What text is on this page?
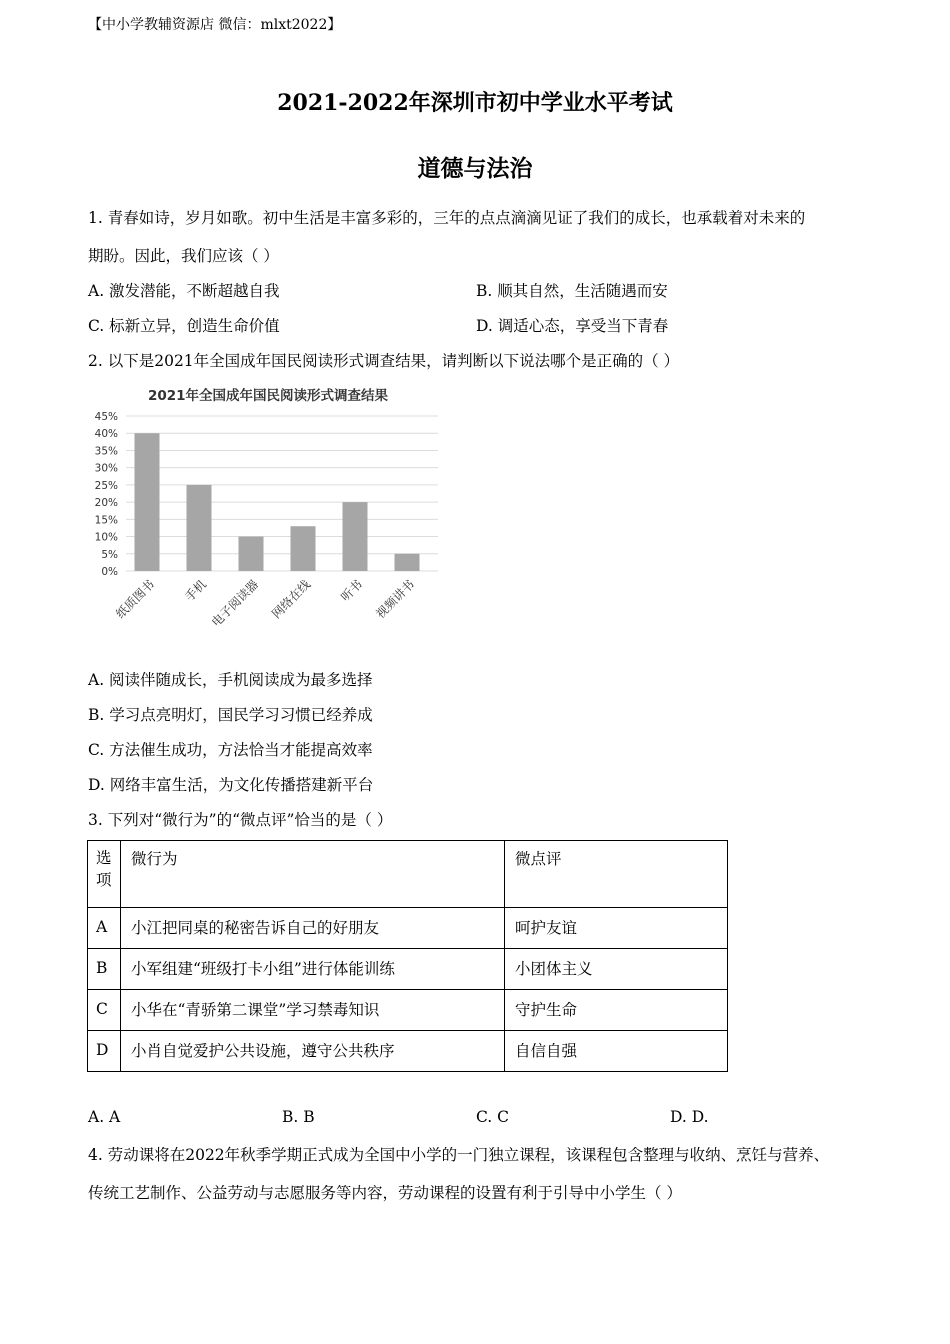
【中小学教辅资源店 微信：mlxt2022】
2021-2022年深圳市初中学业水平考试
道德与法治
1. 青春如诗，岁月如歌。初中生活是丰富多彩的，三年的点点滴滴见证了我们的成长，也承载着对未来的
期盼。因此，我们应该（ ）
A. 激发潜能，不断超越自我	B. 顺其自然，生活随遇而安
C. 标新立异，创造生命价值	D. 调适心态，享受当下青春
2. 以下是2021年全国成年国民阅读形式调查结果，请判断以下说法哪个是正确的（ ）
2021年全国成年国民阅读形式调查结果
0%
5%
10%
15%
20%
25%
30%
35%
40%
45%
纸质图书 手机 电子阅读器 网络在线 听书 视频讲书
A. 阅读伴随成长，手机阅读成为最多选择
B. 学习点亮明灯，国民学习习惯已经养成
C. 方法催生成功，方法恰当才能提高效率
D. 网络丰富生活，为文化传播搭建新平台
3. 下列对“微行为”的“微点评”恰当的是（ ）
选项	微行为	微点评
A	小江把同桌的秘密告诉自己的好朋友	呵护友谊
B	小军组建“班级打卡小组”进行体能训练	小团体主义
C	小华在“青骄第二课堂”学习禁毒知识	守护生命
D	小肖自觉爱护公共设施，遵守公共秩序	自信自强
A. A	B. B	C. C	D. D.
4. 劳动课将在2022年秋季学期正式成为全国中小学的一门独立课程，该课程包含整理与收纳、烹饪与营养、
传统工艺制作、公益劳动与志愿服务等内容，劳动课程的设置有利于引导中小学生（ ）
